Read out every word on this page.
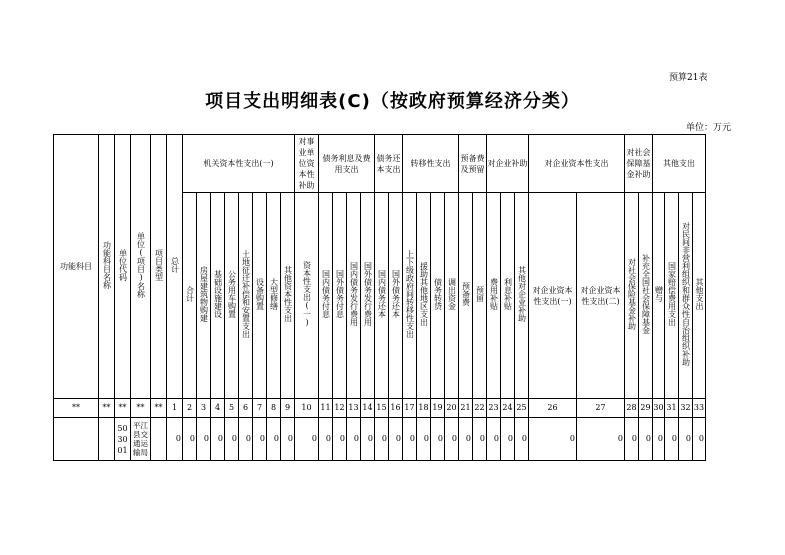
预算21表
项目支出明细表(C)（按政府预算经济分类）
单位：万元
功能科目	功能科目名称	单位代码	单位(项目)名称	项目类型	总计	机关资本性支出(一)								对事业单位资本性补助	债务利息及费用支出				债务还本支出		转移性支出				预备费及预留		对企业补助			对企业资本性支出		对社会保障基金补助		其他支出			
						合计	房屋建筑物购建	基础设施建设	公务用车购置	土地征迁补偿和安置支出	设备购置	大型修缮	其他资本性支出	资本性支出(一)	国内债务付息	国外债务付息	国内债务发行费用	国外债务发行费用	国内债务还本	国外债务还本	上下级政府间转移性支出	援助其他地区支出	债务转贷	调出资金	预备费	预留	费用补贴	利息补贴	其他对企业补助	对企业资本性支出(一)	对企业资本性支出(二)	对社会保险基金补助	补充全国社会保障基金	赠与	国家赔偿费用支出	对民间非营利组织和群众性自治组织补助	其他支出
**	**	**	**	**	1	2	3	4	5	6	7	8	9	10	11	12	13	14	15	16	17	18	19	20	21	22	23	24	25	26	27	28	29	30	31	32	33
		503001	平江县交通运输局		0	0	0	0	0	0	0	0	0	0	0	0	0	0	0	0	0	0	0	0	0	0	0	0	0	0	0	0	0	0	0	0	0
